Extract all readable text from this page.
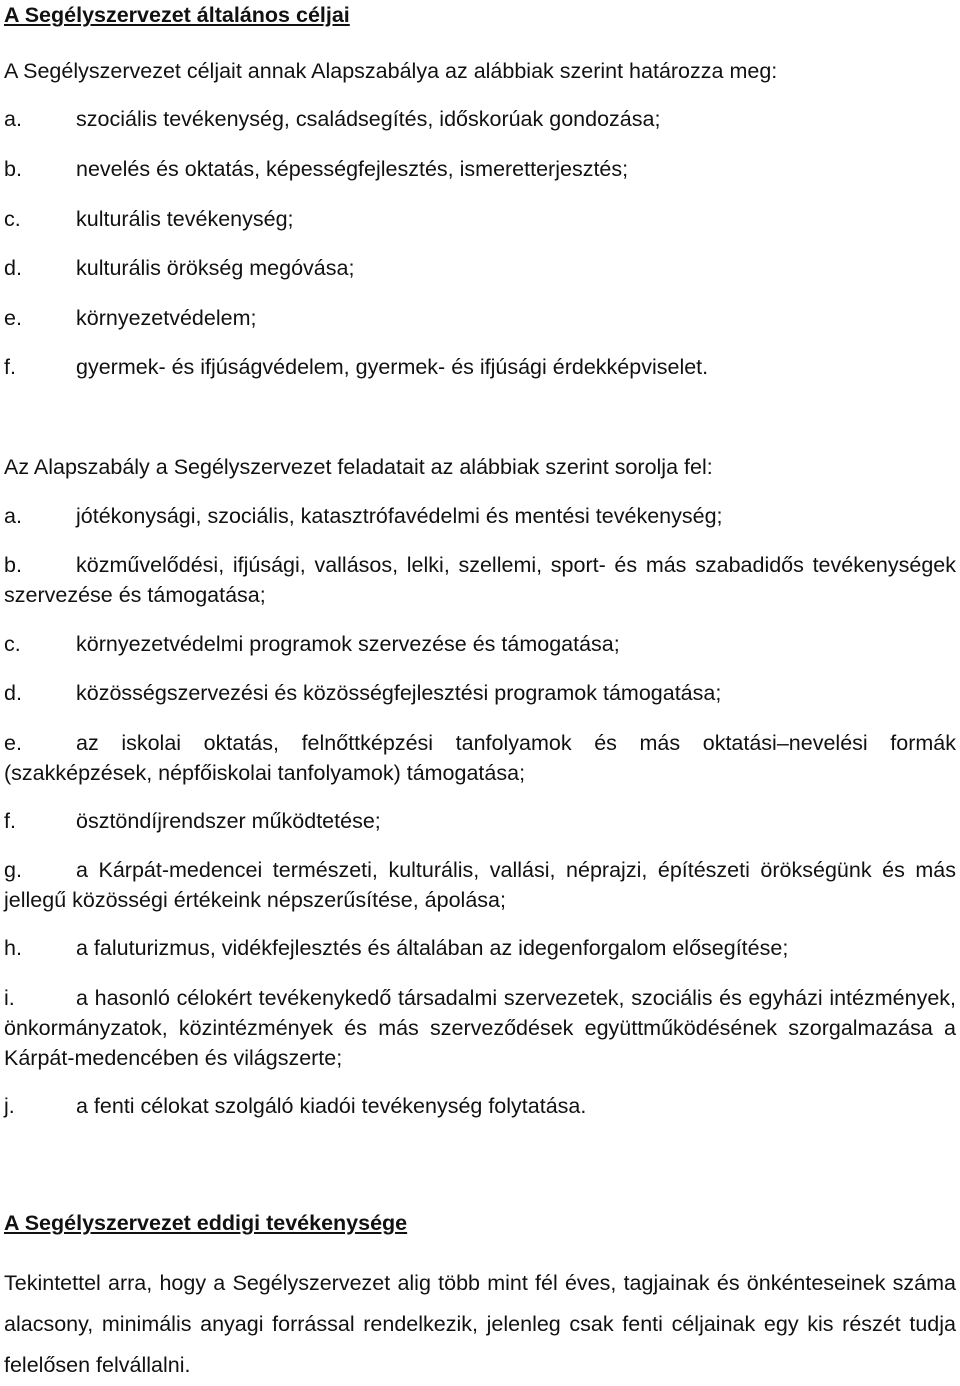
A Segélyszervezet általános céljai
A Segélyszervezet céljait annak Alapszabálya az alábbiak szerint határozza meg:
a.	szociális tevékenység, családsegítés, időskorúak gondozása;
b.	nevelés és oktatás, képességfejlesztés, ismeretterjesztés;
c.	kulturális tevékenység;
d.	kulturális örökség megóvása;
e.	környezetvédelem;
f.	gyermek- és ifjúságvédelem, gyermek- és ifjúsági érdekképviselet.
Az Alapszabály a Segélyszervezet feladatait az alábbiak szerint sorolja fel:
a.	jótékonysági, szociális, katasztrófavédelmi és mentési tevékenység;
b.	közművelődési, ifjúsági, vallásos, lelki, szellemi, sport- és más szabadidős tevékenységek szervezése és támogatása;
c.	környezetvédelmi programok szervezése és támogatása;
d.	közösségszervezési és közösségfejlesztési programok támogatása;
e.	az iskolai oktatás, felnőttképzési tanfolyamok és más oktatási–nevelési formák (szakképzések, népfőiskolai tanfolyamok) támogatása;
f.	ösztöndíjrendszer működtetése;
g.	a Kárpát-medencei természeti, kulturális, vallási, néprajzi, építészeti örökségünk és más jellegű közösségi értékeink népszerűsítése, ápolása;
h.	a faluturizmus, vidékfejlesztés és általában az idegenforgalom elősegítése;
i.	a hasonló célokért tevékenykedő társadalmi szervezetek, szociális és egyházi intézmények, önkormányzatok, közintézmények és más szerveződések együttműködésének szorgalmazása a Kárpát-medencében és világszerte;
j.	a fenti célokat szolgáló kiadói tevékenység folytatása.
A Segélyszervezet eddigi tevékenysége
Tekintettel arra, hogy a Segélyszervezet alig több mint fél éves, tagjainak és önkénteseinek száma alacsony, minimális anyagi forrással rendelkezik, jelenleg csak fenti céljainak egy kis részét tudja felelősen felvállalni.
